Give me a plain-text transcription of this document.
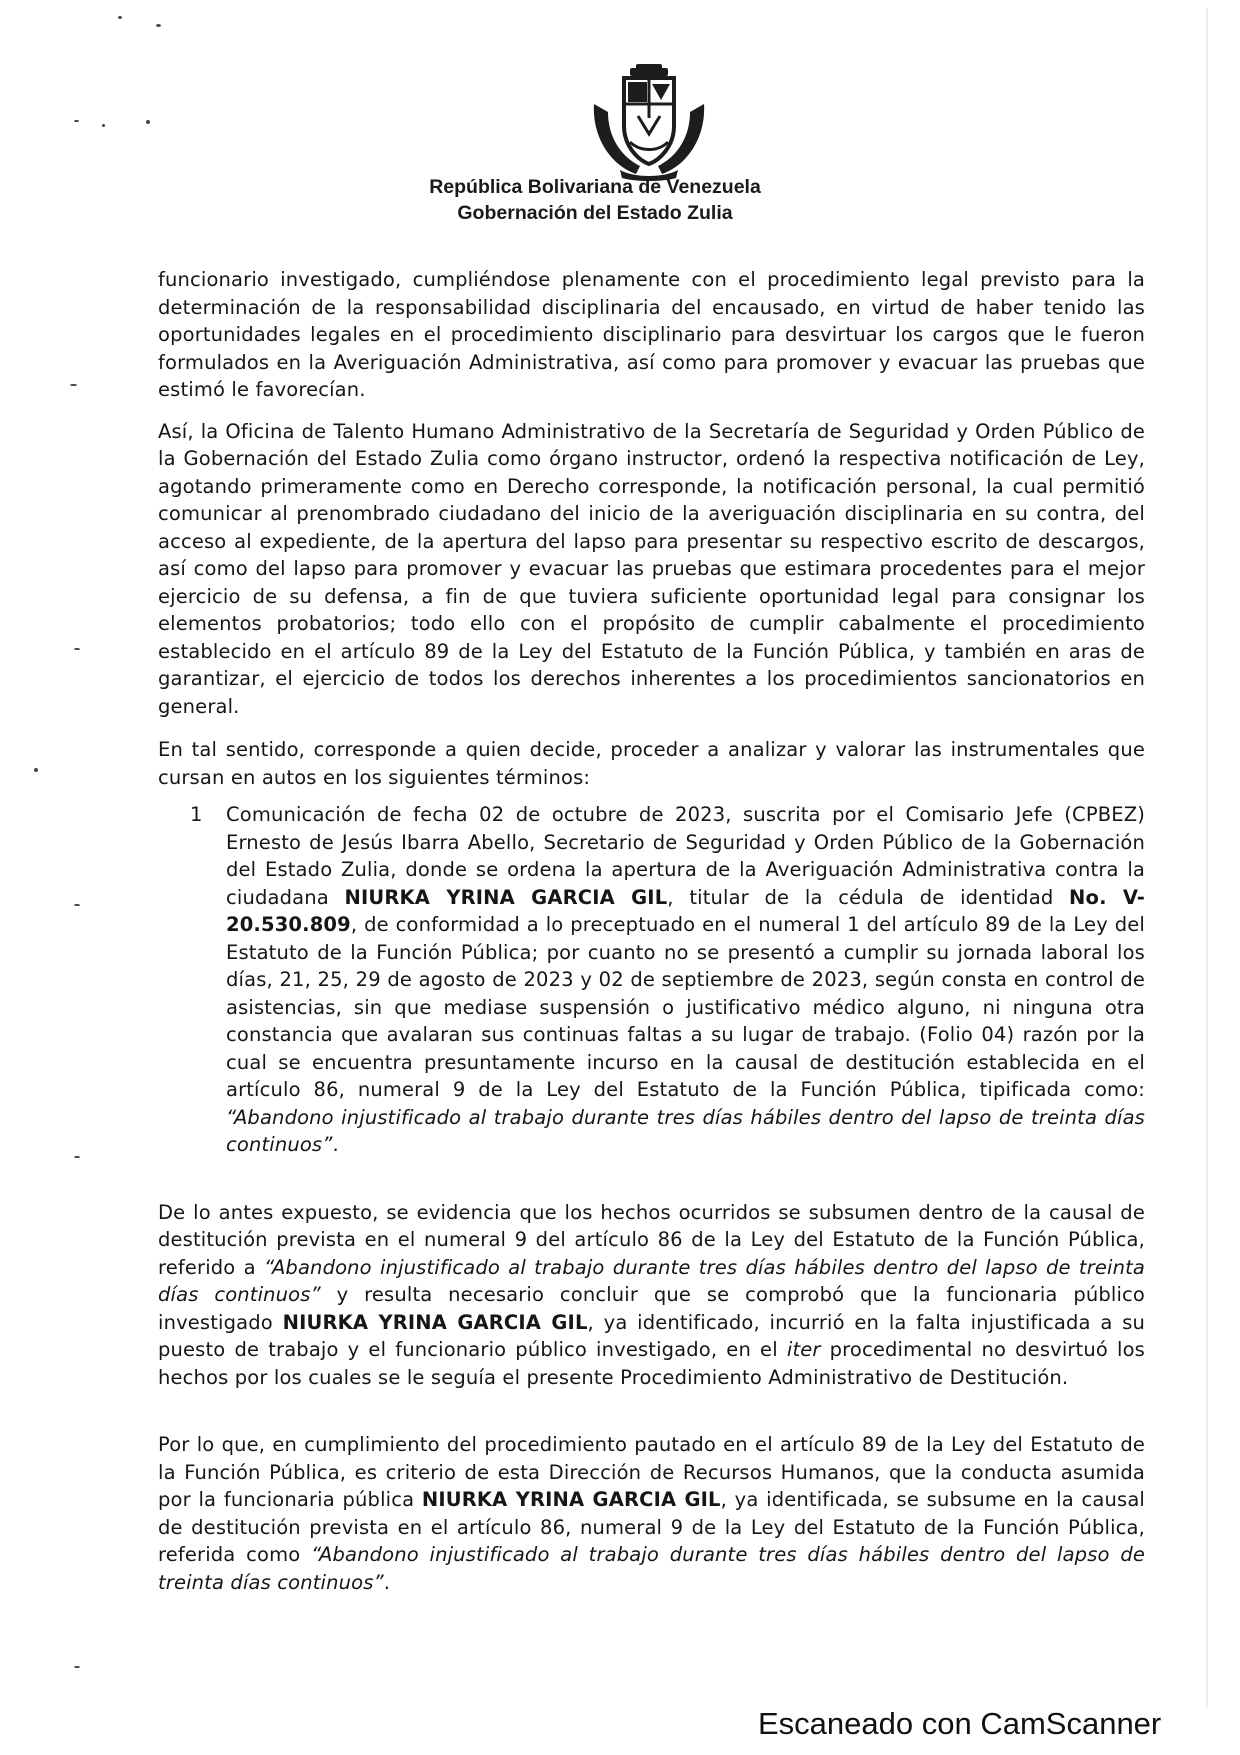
República Bolivariana de Venezuela
Gobernación del Estado Zulia

funcionario investigado, cumpliéndose plenamente con el procedimiento legal previsto para la determinación de la responsabilidad disciplinaria del encausado, en virtud de haber tenido las oportunidades legales en el procedimiento disciplinario para desvirtuar los cargos que le fueron formulados en la Averiguación Administrativa, así como para promover y evacuar las pruebas que estimó le favorecían.

Así, la Oficina de Talento Humano Administrativo de la Secretaría de Seguridad y Orden Público de la Gobernación del Estado Zulia como órgano instructor, ordenó la respectiva notificación de Ley, agotando primeramente como en Derecho corresponde, la notificación personal, la cual permitió comunicar al prenombrado ciudadano del inicio de la averiguación disciplinaria en su contra, del acceso al expediente, de la apertura del lapso para presentar su respectivo escrito de descargos, así como del lapso para promover y evacuar las pruebas que estimara procedentes para el mejor ejercicio de su defensa, a fin de que tuviera suficiente oportunidad legal para consignar los elementos probatorios; todo ello con el propósito de cumplir cabalmente el procedimiento establecido en el artículo 89 de la Ley del Estatuto de la Función Pública, y también en aras de garantizar, el ejercicio de todos los derechos inherentes a los procedimientos sancionatorios en general.

En tal sentido, corresponde a quien decide, proceder a analizar y valorar las instrumentales que cursan en autos en los siguientes términos:

1	Comunicación de fecha 02 de octubre de 2023, suscrita por el Comisario Jefe (CPBEZ) Ernesto de Jesús Ibarra Abello, Secretario de Seguridad y Orden Público de la Gobernación del Estado Zulia, donde se ordena la apertura de la Averiguación Administrativa contra la ciudadana NIURKA YRINA GARCIA GIL, titular de la cédula de identidad No. V-20.530.809, de conformidad a lo preceptuado en el numeral 1 del artículo 89 de la Ley del Estatuto de la Función Pública; por cuanto no se presentó a cumplir su jornada laboral los días, 21, 25, 29 de agosto de 2023 y 02 de septiembre de 2023, según consta en control de asistencias, sin que mediase suspensión o justificativo médico alguno, ni ninguna otra constancia que avalaran sus continuas faltas a su lugar de trabajo. (Folio 04) razón por la cual se encuentra presuntamente incurso en la causal de destitución establecida en el artículo 86, numeral 9 de la Ley del Estatuto de la Función Pública, tipificada como: “Abandono injustificado al trabajo durante tres días hábiles dentro del lapso de treinta días continuos”.

De lo antes expuesto, se evidencia que los hechos ocurridos se subsumen dentro de la causal de destitución prevista en el numeral 9 del artículo 86 de la Ley del Estatuto de la Función Pública, referido a “Abandono injustificado al trabajo durante tres días hábiles dentro del lapso de treinta días continuos” y resulta necesario concluir que se comprobó que la funcionaria público investigado NIURKA YRINA GARCIA GIL, ya identificado, incurrió en la falta injustificada a su puesto de trabajo y el funcionario público investigado, en el iter procedimental no desvirtuó los hechos por los cuales se le seguía el presente Procedimiento Administrativo de Destitución.

Por lo que, en cumplimiento del procedimiento pautado en el artículo 89 de la Ley del Estatuto de la Función Pública, es criterio de esta Dirección de Recursos Humanos, que la conducta asumida por la funcionaria pública NIURKA YRINA GARCIA GIL, ya identificada, se subsume en la causal de destitución prevista en el artículo 86, numeral 9 de la Ley del Estatuto de la Función Pública, referida como “Abandono injustificado al trabajo durante tres días hábiles dentro del lapso de treinta días continuos”.

Escaneado con CamScanner
